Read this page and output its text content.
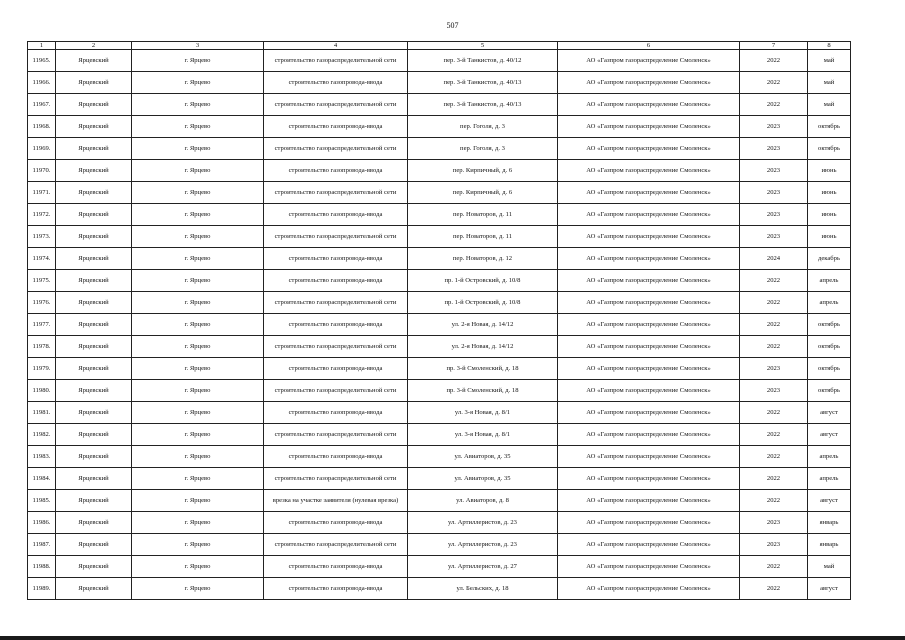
507
1	2	3	4	5	6	7	8
11965.	Ярцевский	г. Ярцево	строительство газораспределительной сети	пер. 3-й Танкистов, д. 40/12	АО «Газпром газораспределение Смоленск»	2022	май
11966.	Ярцевский	г. Ярцево	строительство газопровода-ввода	пер. 3-й Танкистов, д. 40/13	АО «Газпром газораспределение Смоленск»	2022	май
11967.	Ярцевский	г. Ярцево	строительство газораспределительной сети	пер. 3-й Танкистов, д. 40/13	АО «Газпром газораспределение Смоленск»	2022	май
11968.	Ярцевский	г. Ярцево	строительство газопровода-ввода	пер. Гоголя, д. 3	АО «Газпром газораспределение Смоленск»	2023	октябрь
11969.	Ярцевский	г. Ярцево	строительство газораспределительной сети	пер. Гоголя, д. 3	АО «Газпром газораспределение Смоленск»	2023	октябрь
11970.	Ярцевский	г. Ярцево	строительство газопровода-ввода	пер. Кирпичный, д. 6	АО «Газпром газораспределение Смоленск»	2023	июнь
11971.	Ярцевский	г. Ярцево	строительство газораспределительной сети	пер. Кирпичный, д. 6	АО «Газпром газораспределение Смоленск»	2023	июнь
11972.	Ярцевский	г. Ярцево	строительство газопровода-ввода	пер. Новаторов, д. 11	АО «Газпром газораспределение Смоленск»	2023	июнь
11973.	Ярцевский	г. Ярцево	строительство газораспределительной сети	пер. Новаторов, д. 11	АО «Газпром газораспределение Смоленск»	2023	июнь
11974.	Ярцевский	г. Ярцево	строительство газопровода-ввода	пер. Новаторов, д. 12	АО «Газпром газораспределение Смоленск»	2024	декабрь
11975.	Ярцевский	г. Ярцево	строительство газопровода-ввода	пр. 1-й Островский, д. 10/8	АО «Газпром газораспределение Смоленск»	2022	апрель
11976.	Ярцевский	г. Ярцево	строительство газораспределительной сети	пр. 1-й Островский, д. 10/8	АО «Газпром газораспределение Смоленск»	2022	апрель
11977.	Ярцевский	г. Ярцево	строительство газопровода-ввода	ул. 2-я Новая, д. 14/12	АО «Газпром газораспределение Смоленск»	2022	октябрь
11978.	Ярцевский	г. Ярцево	строительство газораспределительной сети	ул. 2-я Новая, д. 14/12	АО «Газпром газораспределение Смоленск»	2022	октябрь
11979.	Ярцевский	г. Ярцево	строительство газопровода-ввода	пр. 3-й Смоленский, д. 18	АО «Газпром газораспределение Смоленск»	2023	октябрь
11980.	Ярцевский	г. Ярцево	строительство газораспределительной сети	пр. 3-й Смоленский, д. 18	АО «Газпром газораспределение Смоленск»	2023	октябрь
11981.	Ярцевский	г. Ярцево	строительство газопровода-ввода	ул. 3-я Новая, д. 8/1	АО «Газпром газораспределение Смоленск»	2022	август
11982.	Ярцевский	г. Ярцево	строительство газораспределительной сети	ул. 3-я Новая, д. 8/1	АО «Газпром газораспределение Смоленск»	2022	август
11983.	Ярцевский	г. Ярцево	строительство газопровода-ввода	ул. Авиаторов, д. 35	АО «Газпром газораспределение Смоленск»	2022	апрель
11984.	Ярцевский	г. Ярцево	строительство газораспределительной сети	ул. Авиаторов, д. 35	АО «Газпром газораспределение Смоленск»	2022	апрель
11985.	Ярцевский	г. Ярцево	врезка на участке заявителя (нулевая врезка)	ул. Авиаторов, д. 8	АО «Газпром газораспределение Смоленск»	2022	август
11986.	Ярцевский	г. Ярцево	строительство газопровода-ввода	ул. Артиллеристов, д. 23	АО «Газпром газораспределение Смоленск»	2023	январь
11987.	Ярцевский	г. Ярцево	строительство газораспределительной сети	ул. Артиллеристов, д. 23	АО «Газпром газораспределение Смоленск»	2023	январь
11988.	Ярцевский	г. Ярцево	строительство газопровода-ввода	ул. Артиллеристов, д. 27	АО «Газпром газораспределение Смоленск»	2022	май
11989.	Ярцевский	г. Ярцево	строительство газопровода-ввода	ул. Бельских, д. 18	АО «Газпром газораспределение Смоленск»	2022	август
